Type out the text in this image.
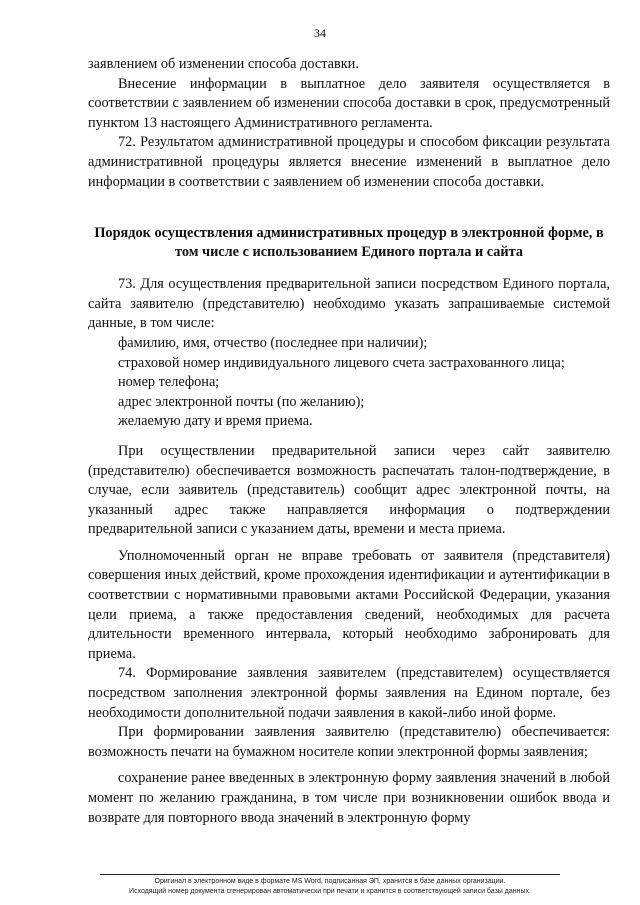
34

заявлением об изменении способа доставки.

Внесение информации в выплатное дело заявителя осуществляется в соответствии с заявлением об изменении способа доставки в срок, предусмотренный пунктом 13 настоящего Административного регламента.

72. Результатом административной процедуры и способом фиксации результата административной процедуры является внесение изменений в выплатное дело информации в соответствии с заявлением об изменении способа доставки.

Порядок осуществления административных процедур в электронной форме, в том числе с использованием Единого портала и сайта

73. Для осуществления предварительной записи посредством Единого портала, сайта заявителю (представителю) необходимо указать запрашиваемые системой данные, в том числе:

фамилию, имя, отчество (последнее при наличии);

страховой номер индивидуального лицевого счета застрахованного лица;

номер телефона;

адрес электронной почты (по желанию);

желаемую дату и время приема.

При осуществлении предварительной записи через сайт заявителю (представителю) обеспечивается возможность распечатать талон-подтверждение, в случае, если заявитель (представитель) сообщит адрес электронной почты, на указанный адрес также направляется информация о подтверждении предварительной записи с указанием даты, времени и места приема.

Уполномоченный орган не вправе требовать от заявителя (представителя) совершения иных действий, кроме прохождения идентификации и аутентификации в соответствии с нормативными правовыми актами Российской Федерации, указания цели приема, а также предоставления сведений, необходимых для расчета длительности временного интервала, который необходимо забронировать для приема.

74. Формирование заявления заявителем (представителем) осуществляется посредством заполнения электронной формы заявления на Едином портале, без необходимости дополнительной подачи заявления в какой-либо иной форме.

При формировании заявления заявителю (представителю) обеспечивается: возможность печати на бумажном носителе копии электронной формы заявления;

сохранение ранее введенных в электронную форму заявления значений в любой момент по желанию гражданина, в том числе при возникновении ошибок ввода и возврате для повторного ввода значений в электронную форму

Оригинал в электронном виде в формате MS Word, подписанная ЭП, хранится в базе данных организации.
Исходящий номер документа сгенерирован автоматически при печати и хранится в соответствующей записи базы данных.
